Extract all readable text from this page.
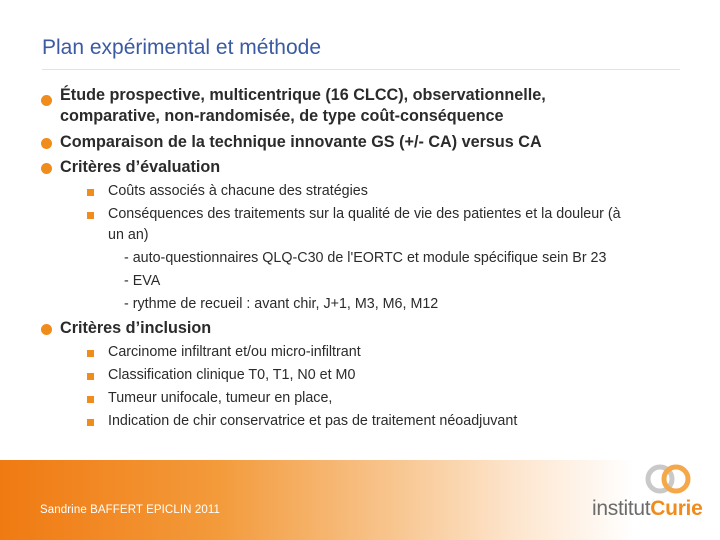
Plan expérimental et méthode
Étude prospective, multicentrique (16 CLCC), observationnelle,
comparative, non-randomisée, de type coût-conséquence
Comparaison de la technique innovante GS (+/- CA) versus CA
Critères d’évaluation
Coûts associés à chacune des stratégies
Conséquences des traitements sur la qualité de vie des patientes et la douleur (à
un an)
- auto-questionnaires QLQ-C30 de l'EORTC et module spécifique sein Br 23
- EVA
- rythme de recueil : avant chir, J+1, M3, M6, M12
Critères d’inclusion
Carcinome infiltrant et/ou micro-infiltrant
Classification clinique T0, T1, N0 et M0
Tumeur unifocale, tumeur en place,
Indication de chir conservatrice et pas de traitement néoadjuvant
Sandrine BAFFERT EPICLIN 2011	institutCurie
